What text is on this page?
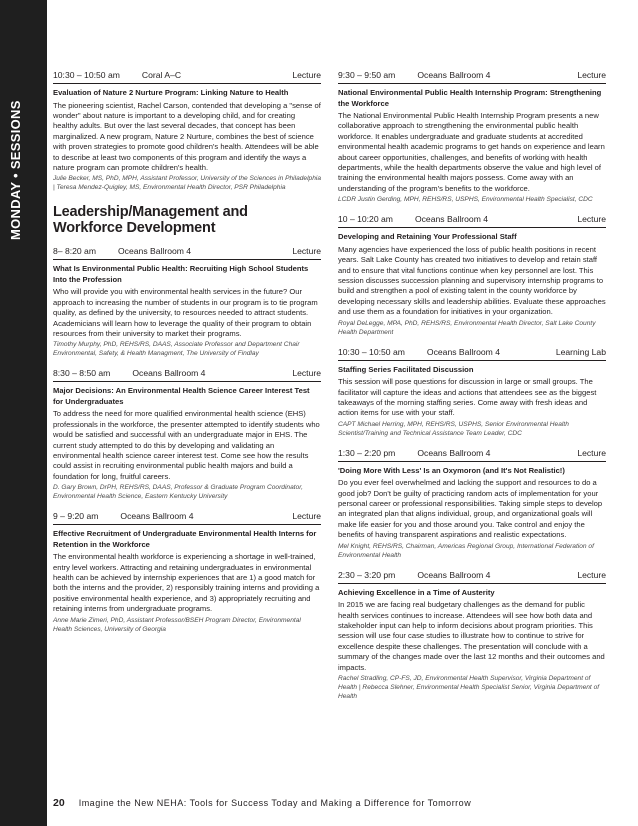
MONDAY • SESSIONS
10:30 – 10:50 am	Coral A–C	Lecture
Evaluation of Nature 2 Nurture Program: Linking Nature to Health
The pioneering scientist, Rachel Carson, contended that developing a "sense of wonder" about nature is important to a developing child, and for creating healthy adults. But over the last several decades, that concept has been marginalized. A new program, Nature 2 Nurture, combines the best of science with proven strategies to promote good children's health. Attendees will be able to describe at least two components of this program and identify the ways a nature program can promote children's health.
Julie Becker, MS, PhD, MPH, Assistant Professor, University of the Sciences in Philadelphia | Teresa Mendez-Quigley, MS, Environmental Health Director, PSR Philadelphia
Leadership/Management and Workforce Development
8– 8:20 am	Oceans Ballroom 4	Lecture
What Is Environmental Public Health: Recruiting High School Students Into the Profession
Who will provide you with environmental health services in the future? Our approach to increasing the number of students in our program is to tie program quality, as defined by the university, to resources needed to attract students. Academicians will learn how to leverage the quality of their program to obtain resources from their university to market their programs.
Timothy Murphy, PhD, REHS/RS, DAAS, Associate Professor and Department Chair Environmental, Safety, & Health Managment, The University of Findlay
8:30 – 8:50 am	Oceans Ballroom 4	Lecture
Major Decisions: An Environmental Health Science Career Interest Test for Undergraduates
To address the need for more qualified environmental health science (EHS) professionals in the workforce, the presenter attempted to identify students who would be satisfied and successful with an undergraduate major in EHS. The current study attempted to do this by developing and validating an environmental health science career interest test. Come see how the results could assist in recruiting environmental public health majors and build a foundation for long, fruitful careers.
D. Gary Brown, DrPH, REHS/RS, DAAS, Professor & Graduate Program Coordinator, Environmental Health Science, Eastern Kentucky University
9 – 9:20 am	Oceans Ballroom 4	Lecture
Effective Recruitment of Undergraduate Environmental Health Interns for Retention in the Workforce
The environmental health workforce is experiencing a shortage in well-trained, entry level workers. Attracting and retaining undergraduates in environmental health can be achieved by internship experiences that are 1) a good match for both the interns and the provider, 2) responsibly training interns and providing a positive environmental health experience, and 3) appropriately recruiting and retaining interns from undergraduate programs.
Anne Marie Zimeri, PhD, Assistant Professor/BSEH Program Director, Environmental Health Sciences, University of Georgia
9:30 – 9:50 am	Oceans Ballroom 4	Lecture
National Environmental Public Health Internship Program: Strengthening the Workforce
The National Environmental Public Health Internship Program presents a new collaborative approach to strengthening the environmental public health workforce. It enables undergraduate and graduate students at accredited environmental health academic programs to get hands on experience and learn about career opportunities, challenges, and benefits of working with health departments, while the health departments observe the value and high level of training the environmental health majors possess. Come away with an understanding of the program's benefits to the workforce.
LCDR Justin Gerding, MPH, REHS/RS, USPHS, Environmental Health Specialist, CDC
10 – 10:20 am	Oceans Ballroom 4	Lecture
Developing and Retaining Your Professional Staff
Many agencies have experienced the loss of public health positions in recent years. Salt Lake County has created two initiatives to develop and retain staff and to ensure that vital functions continue when key personnel are lost. This session discusses succession planning and supervisory internship programs to build and strengthen a pool of existing talent in the county workforce by developing necessary skills and leadership abilities. Evaluate these approaches and use them as a foundation for initiatives in your organization.
Royal DeLegge, MPA, PhD, REHS/RS, Environmental Health Director, Salt Lake County Health Department
10:30 – 10:50 am	Oceans Ballroom 4	Learning Lab
Staffing Series Facilitated Discussion
This session will pose questions for discussion in large or small groups. The facilitator will capture the ideas and actions that attendees see as the biggest takeaways of the morning staffing series. Come away with fresh ideas and action items for use with your staff.
CAPT Michael Herring, MPH, REHS/RS, USPHS, Senior Environmental Health Scientist/Training and Technical Assistance Team Leader, CDC
1:30 – 2:20 pm	Oceans Ballroom 4	Lecture
'Doing More With Less' Is an Oxymoron (and It's Not Realistic!)
Do you ever feel overwhelmed and lacking the support and resources to do a good job? Don't be guilty of practicing random acts of implementation for your personal career or professional responsibilities. Taking simple steps to develop an integrated plan that aligns individual, group, and organizational goals will make life easier for you and those around you. Take control and enjoy the benefits of having transparent aspirations and realistic expectations.
Mel Knight, REHS/RS, Chairman, Americas Regional Group, International Federation of Environmental Health
2:30 – 3:20 pm	Oceans Ballroom 4	Lecture
Achieving Excellence in a Time of Austerity
In 2015 we are facing real budgetary challenges as the demand for public health services continues to increase. Attendees will see how both data and stakeholder input can help to inform decisions about program priorities. This session will use four case studies to illustrate how to continue to strive for excellence despite these challenges. The presentation will conclude with a summary of the changes made over the last 12 months and their outcomes and impacts.
Rachel Stradling, CP-FS, JD, Environmental Health Supervisor, Virginia Department of Health | Rebecca Slehner, Environmental Health Specialist Senior, Virginia Department of Health
20 Imagine the New NEHA: Tools for Success Today and Making a Difference for Tomorrow
